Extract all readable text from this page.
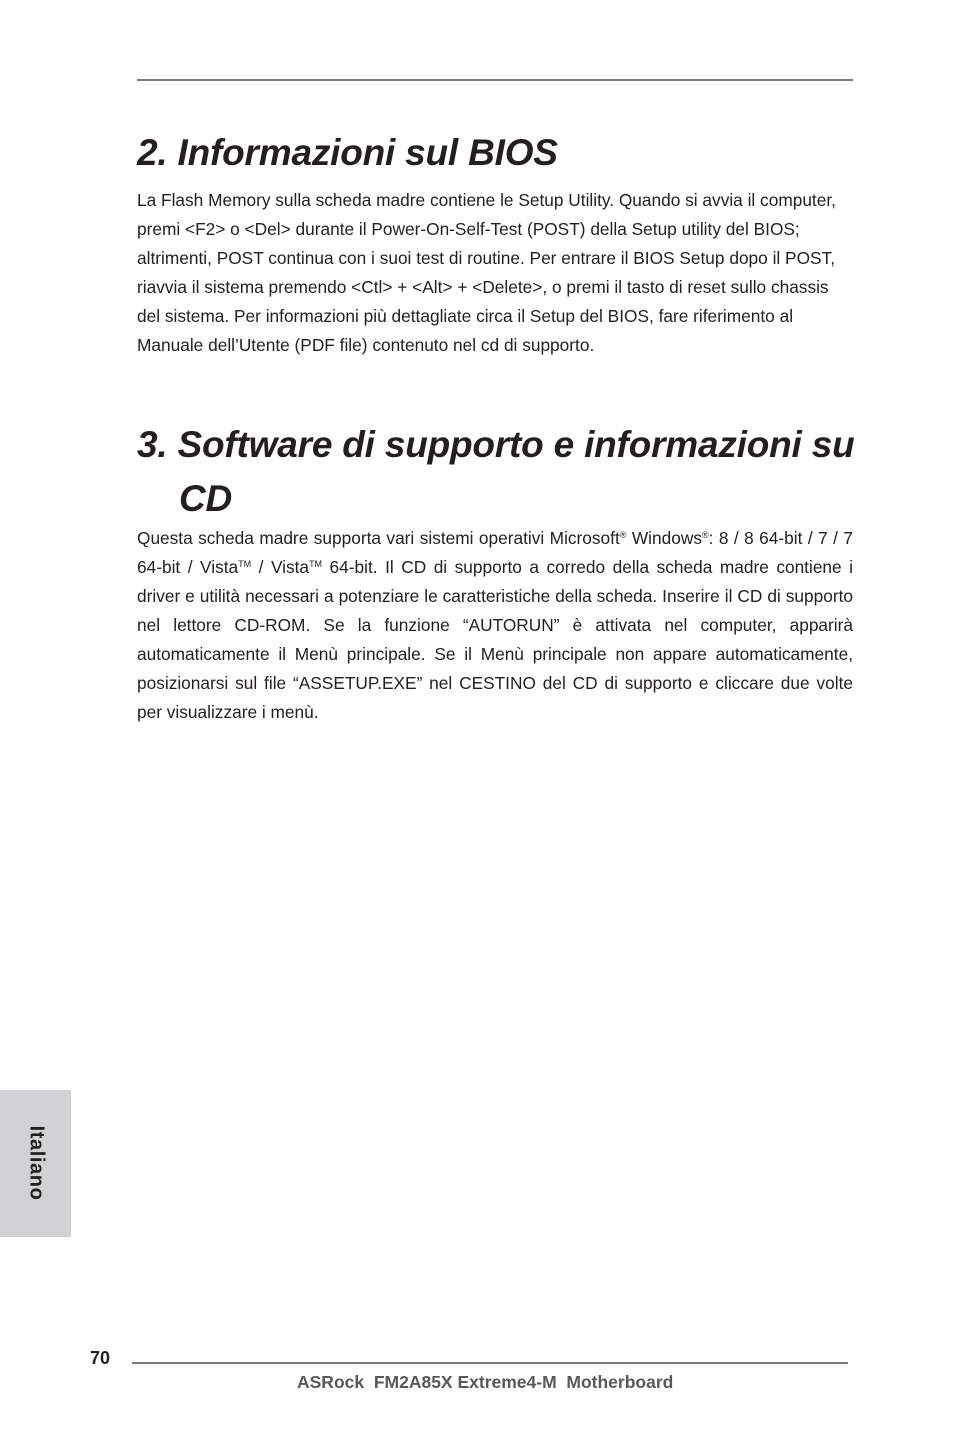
2. Informazioni sul BIOS

La Flash Memory sulla scheda madre contiene le Setup Utility. Quando si avvia il computer, premi <F2> o <Del> durante il Power-On-Self-Test (POST) della Setup utility del BIOS; altrimenti, POST continua con i suoi test di routine. Per entrare il BIOS Setup dopo il POST, riavvia il sistema premendo <Ctl> + <Alt> + <Delete>, o premi il tasto di reset sullo chassis del sistema. Per informazioni più dettagliate circa il Setup del BIOS, fare riferimento al Manuale dell’Utente (PDF file) contenuto nel cd di supporto.

3. Software di supporto e informazioni su
CD

Questa scheda madre supporta vari sistemi operativi Microsoft® Windows®: 8 / 8 64-bit / 7 / 7 64-bit / Vista™ / Vista™ 64-bit. Il CD di supporto a corredo della scheda madre contiene i driver e utilità necessari a potenziare le caratteristiche della scheda. Inserire il CD di supporto nel lettore CD-ROM. Se la funzione “AUTORUN” è attivata nel computer, apparirà automaticamente il Menù principale. Se il Menù principale non appare automaticamente, posizionarsi sul file “ASSETUP.EXE” nel CESTINO del CD di supporto e cliccare due volte per visualizzare i menù.

Italiano
70
ASRock  FM2A85X Extreme4-M  Motherboard
